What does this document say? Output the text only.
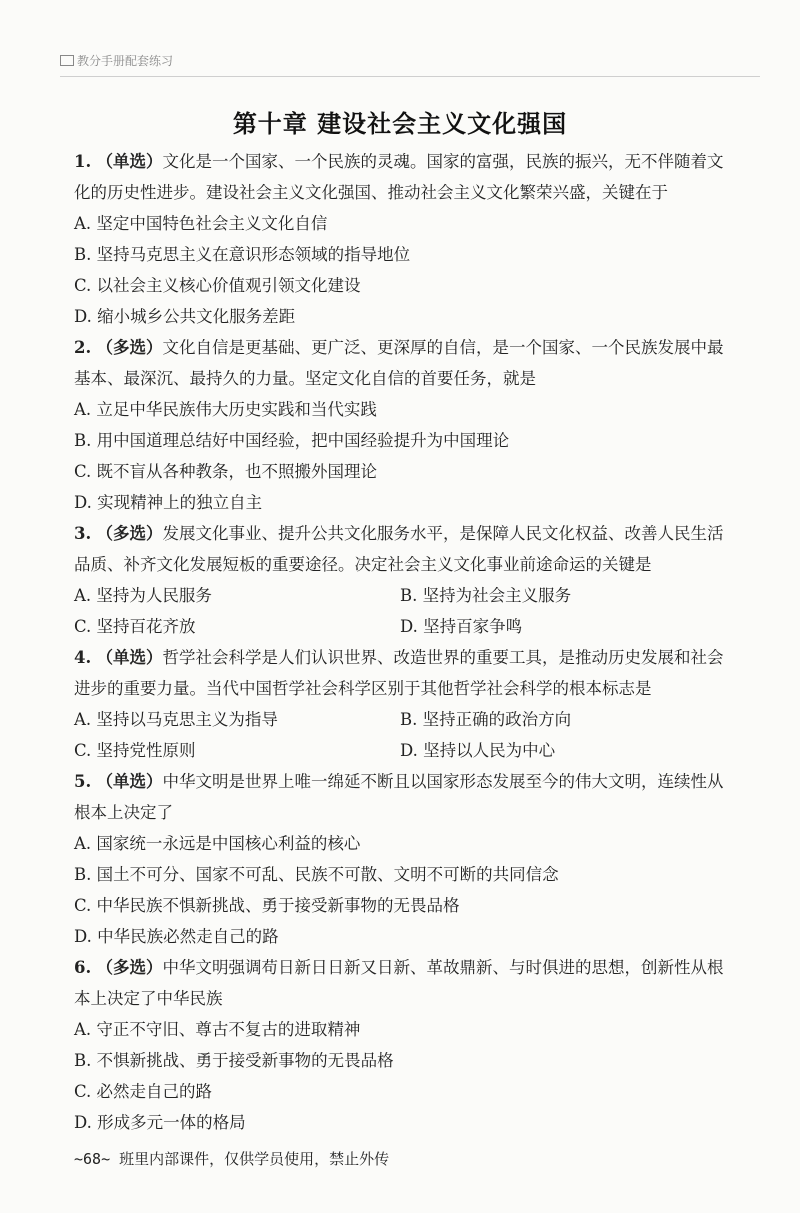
教分手册配套练习
第十章 建设社会主义文化强国
1. （单选）文化是一个国家、一个民族的灵魂。国家的富强，民族的振兴，无不伴随着文化的历史性进步。建设社会主义文化强国、推动社会主义文化繁荣兴盛，关键在于
A. 坚定中国特色社会主义文化自信
B. 坚持马克思主义在意识形态领域的指导地位
C. 以社会主义核心价值观引领文化建设
D. 缩小城乡公共文化服务差距
2. （多选）文化自信是更基础、更广泛、更深厚的自信，是一个国家、一个民族发展中最基本、最深沉、最持久的力量。坚定文化自信的首要任务，就是
A. 立足中华民族伟大历史实践和当代实践
B. 用中国道理总结好中国经验，把中国经验提升为中国理论
C. 既不盲从各种教条，也不照搬外国理论
D. 实现精神上的独立自主
3. （多选）发展文化事业、提升公共文化服务水平，是保障人民文化权益、改善人民生活品质、补齐文化发展短板的重要途径。决定社会主义文化事业前途命运的关键是
A. 坚持为人民服务	B. 坚持为社会主义服务
C. 坚持百花齐放	D. 坚持百家争鸣
4. （单选）哲学社会科学是人们认识世界、改造世界的重要工具，是推动历史发展和社会进步的重要力量。当代中国哲学社会科学区别于其他哲学社会科学的根本标志是
A. 坚持以马克思主义为指导	B. 坚持正确的政治方向
C. 坚持党性原则	D. 坚持以人民为中心
5. （单选）中华文明是世界上唯一绵延不断且以国家形态发展至今的伟大文明，连续性从根本上决定了
A. 国家统一永远是中国核心利益的核心
B. 国土不可分、国家不可乱、民族不可散、文明不可断的共同信念
C. 中华民族不惧新挑战、勇于接受新事物的无畏品格
D. 中华民族必然走自己的路
6. （多选）中华文明强调苟日新日日新又日新、革故鼎新、与时俱进的思想，创新性从根本上决定了中华民族
A. 守正不守旧、尊古不复古的进取精神
B. 不惧新挑战、勇于接受新事物的无畏品格
C. 必然走自己的路
D. 形成多元一体的格局
~68~ 班里内部课件，仅供学员使用，禁止外传
